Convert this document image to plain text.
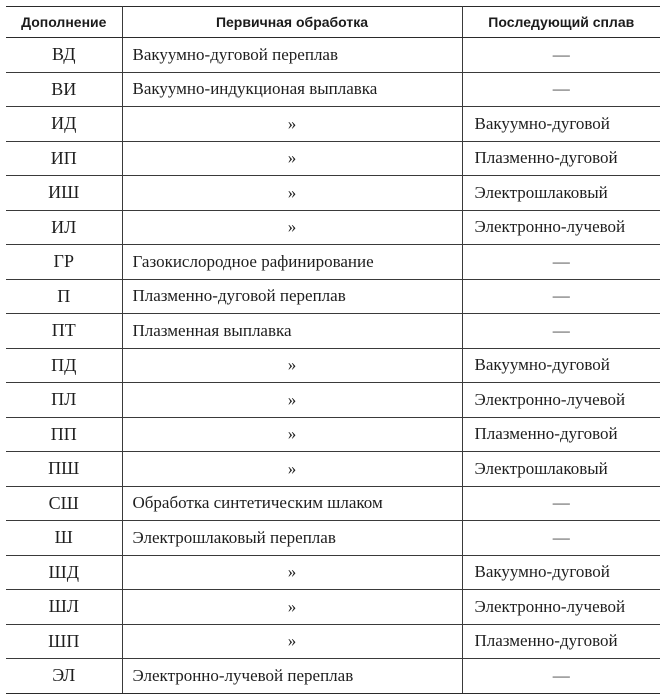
Дополнение	Первичная обработка	Последующий сплав
ВД	Вакуумно-дуговой переплав	—
ВИ	Вакуумно-индукционая выплавка	—
ИД	»	Вакуумно-дуговой
ИП	»	Плазменно-дуговой
ИШ	»	Электрошлаковый
ИЛ	»	Электронно-лучевой
ГР	Газокислородное рафинирование	—
П	Плазменно-дуговой переплав	—
ПТ	Плазменная выплавка	—
ПД	»	Вакуумно-дуговой
ПЛ	»	Электронно-лучевой
ПП	»	Плазменно-дуговой
ПШ	»	Электрошлаковый
СШ	Обработка синтетическим шлаком	—
Ш	Электрошлаковый переплав	—
ШД	»	Вакуумно-дуговой
ШЛ	»	Электронно-лучевой
ШП	»	Плазменно-дуговой
ЭЛ	Электронно-лучевой переплав	—
